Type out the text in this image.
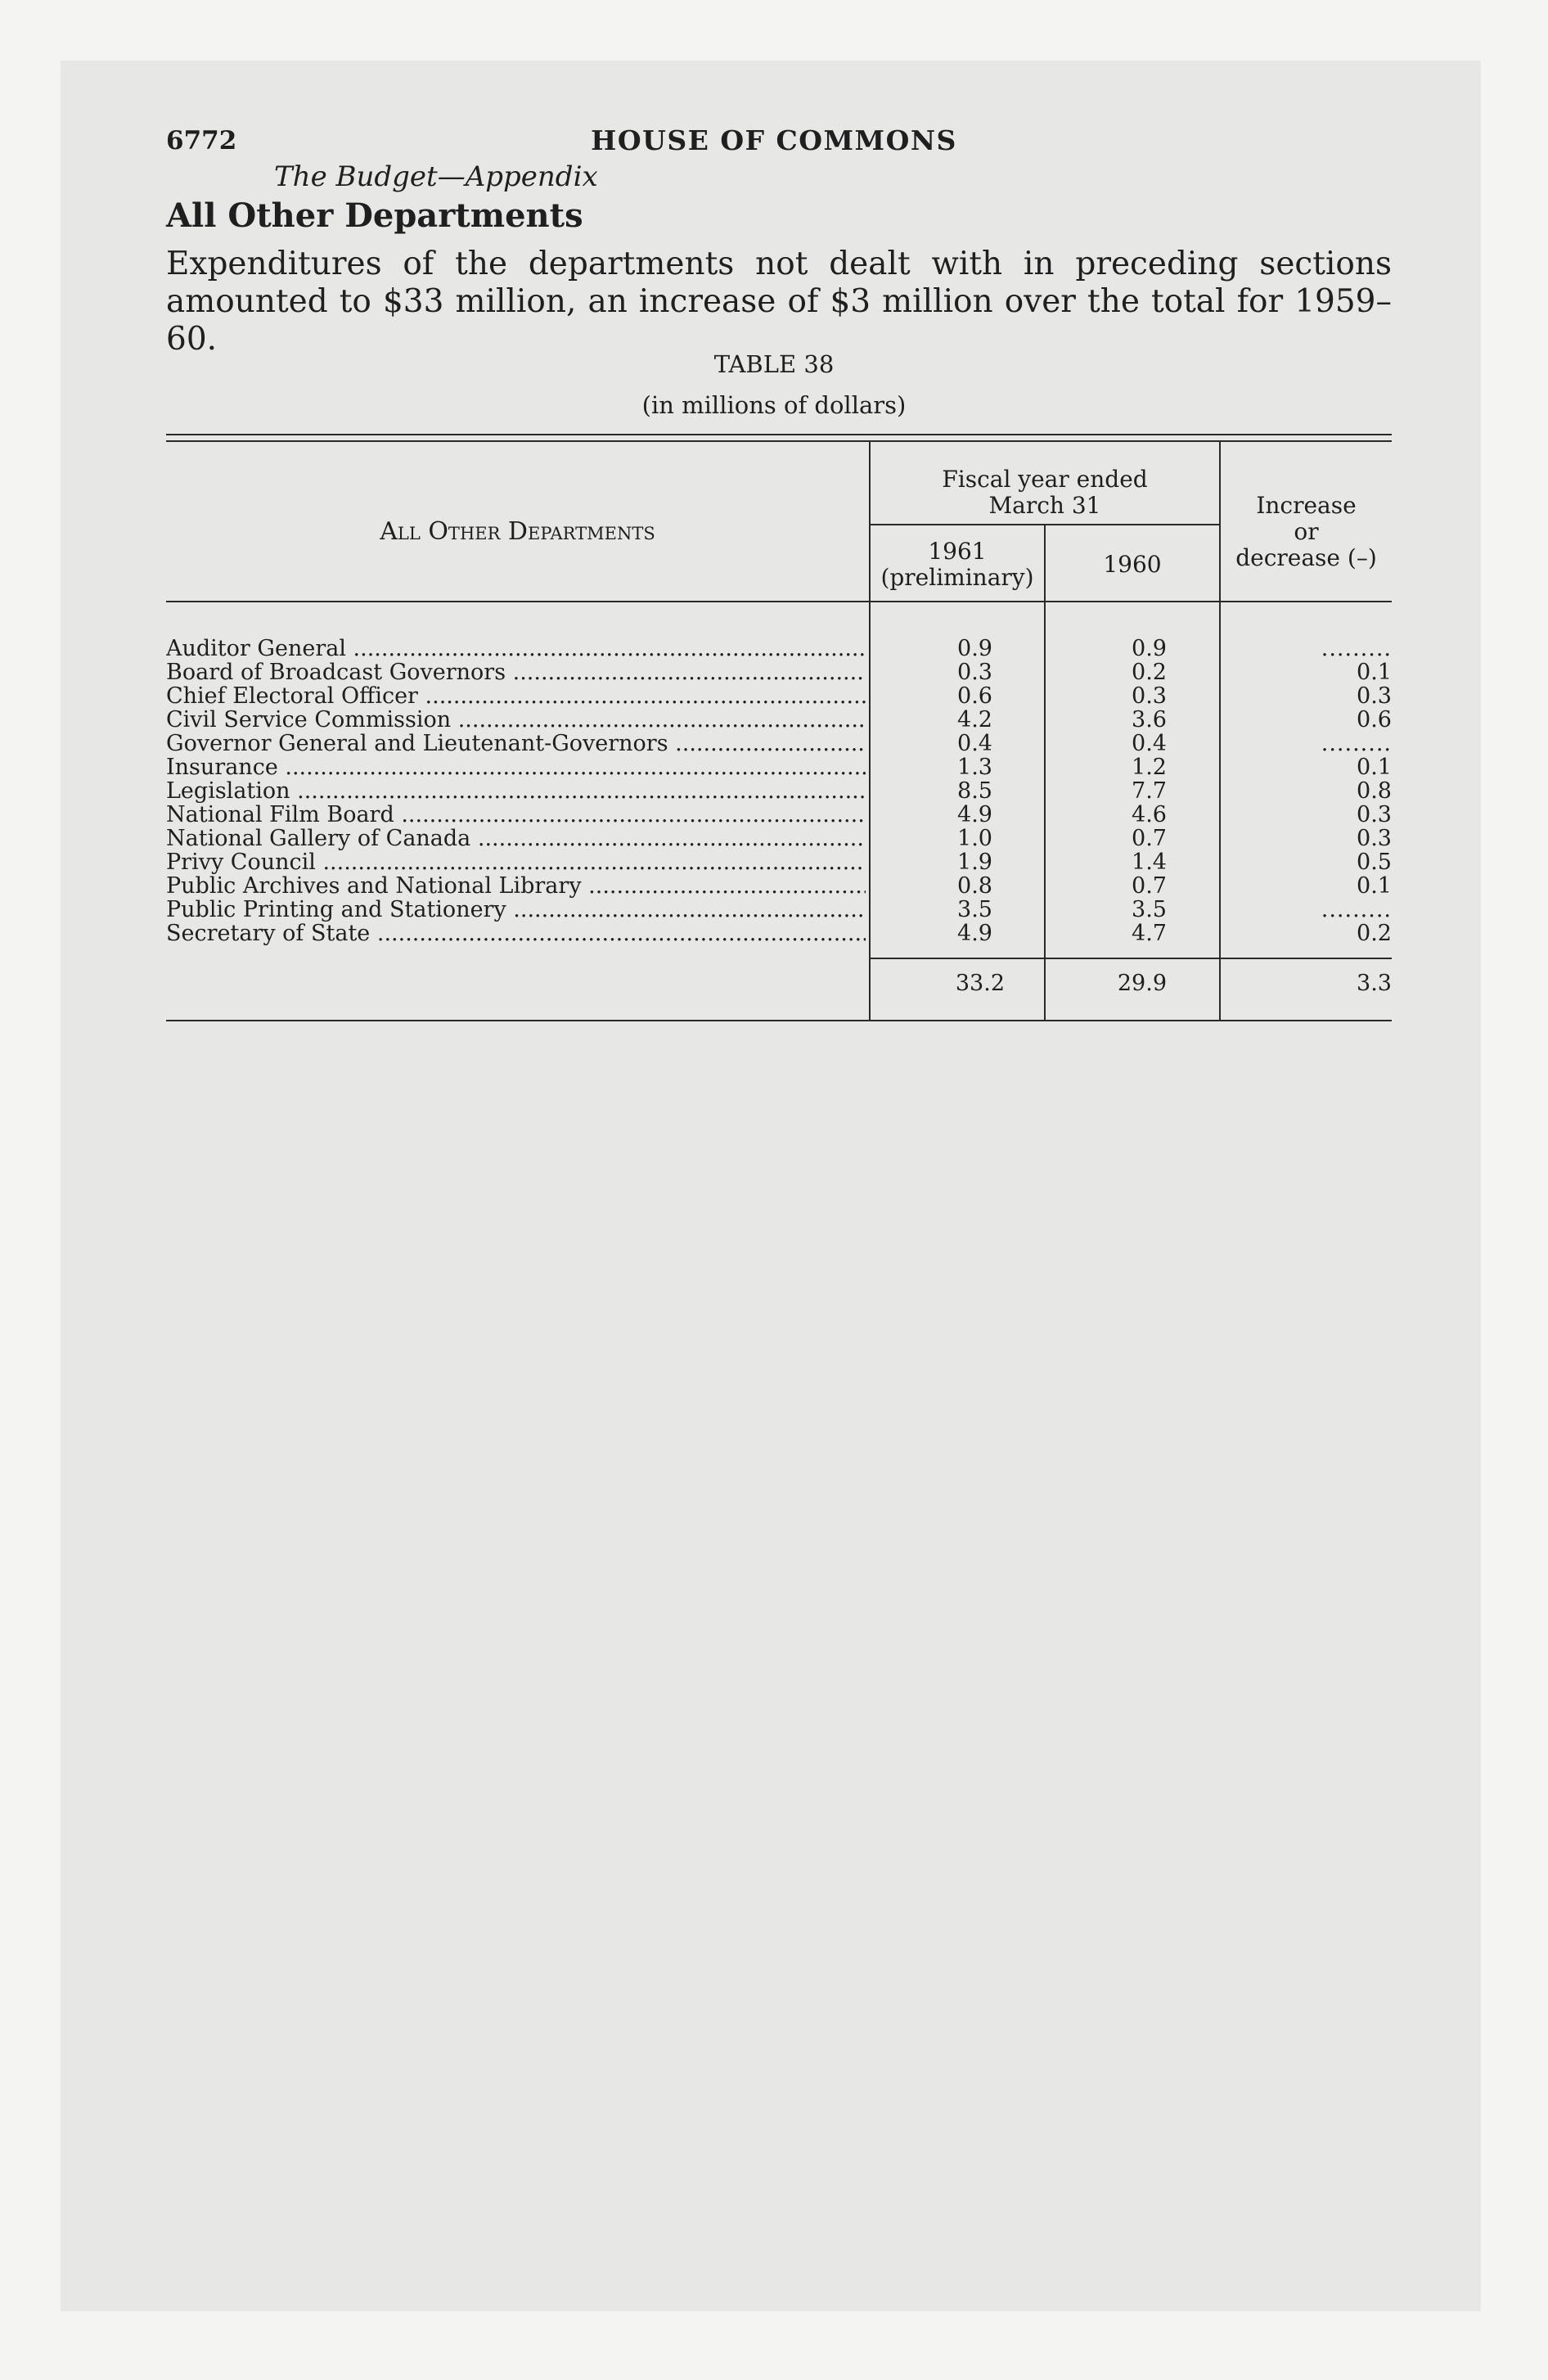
6772	HOUSE OF COMMONS
The Budget—Appendix
All Other Departments
Expenditures of the departments not dealt with in preceding sections
amounted to $33 million, an increase of $3 million over the total for 1959–60.
TABLE 38
(in millions of dollars)
All Other Departments
Fiscal year ended
March 31
1961
(preliminary)	1960
Increase
or
decrease (–)
Auditor General .....	0.9	0.9	.........
Board of Broadcast Governors .....	0.3	0.2	0.1
Chief Electoral Officer .....	0.6	0.3	0.3
Civil Service Commission .....	4.2	3.6	0.6
Governor General and Lieutenant-Governors .....	0.4	0.4	.........
Insurance .....	1.3	1.2	0.1
Legislation .....	8.5	7.7	0.8
National Film Board .....	4.9	4.6	0.3
National Gallery of Canada .....	1.0	0.7	0.3
Privy Council .....	1.9	1.4	0.5
Public Archives and National Library .....	0.8	0.7	0.1
Public Printing and Stationery .....	3.5	3.5	.........
Secretary of State .....	4.9	4.7	0.2
33.2	29.9	3.3
